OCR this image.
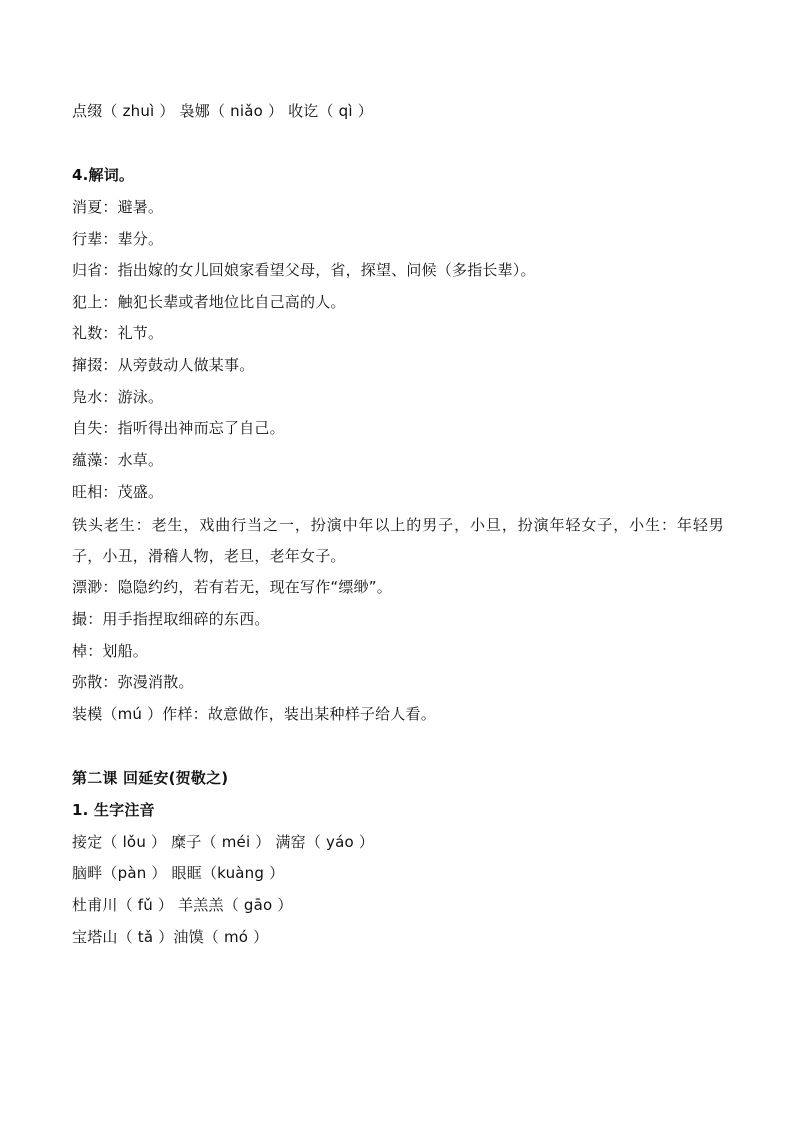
点缀（ zhuì ） 袅娜（ niǎo ） 收讫（ qì ）
4.解词。
消夏：避暑。
行辈：辈分。
归省：指出嫁的女儿回娘家看望父母，省，探望、问候（多指长辈）。
犯上：触犯长辈或者地位比自己高的人。
礼数：礼节。
撺掇：从旁鼓动人做某事。
凫水：游泳。
自失：指听得出神而忘了自己。
蕴藻：水草。
旺相：茂盛。
铁头老生：老生，戏曲行当之一，扮演中年以上的男子，小旦，扮演年轻女子，小生：年轻男子，小丑，滑稽人物，老旦，老年女子。
漂渺：隐隐约约，若有若无，现在写作“缥缈”。
撮：用手指捏取细碎的东西。
棹：划船。
弥散：弥漫消散。
装模（mú ）作样：故意做作，装出某种样子给人看。
第二课 回延安(贺敬之)
1. 生字注音
接定（ lǒu ） 糜子（ méi ） 满窑（ yáo ）
脑畔（pàn ） 眼眶（kuàng ）
杜甫川（ fǔ ） 羊羔羔（ gāo ）
宝塔山（ tǎ ）油馍（ mó ）
